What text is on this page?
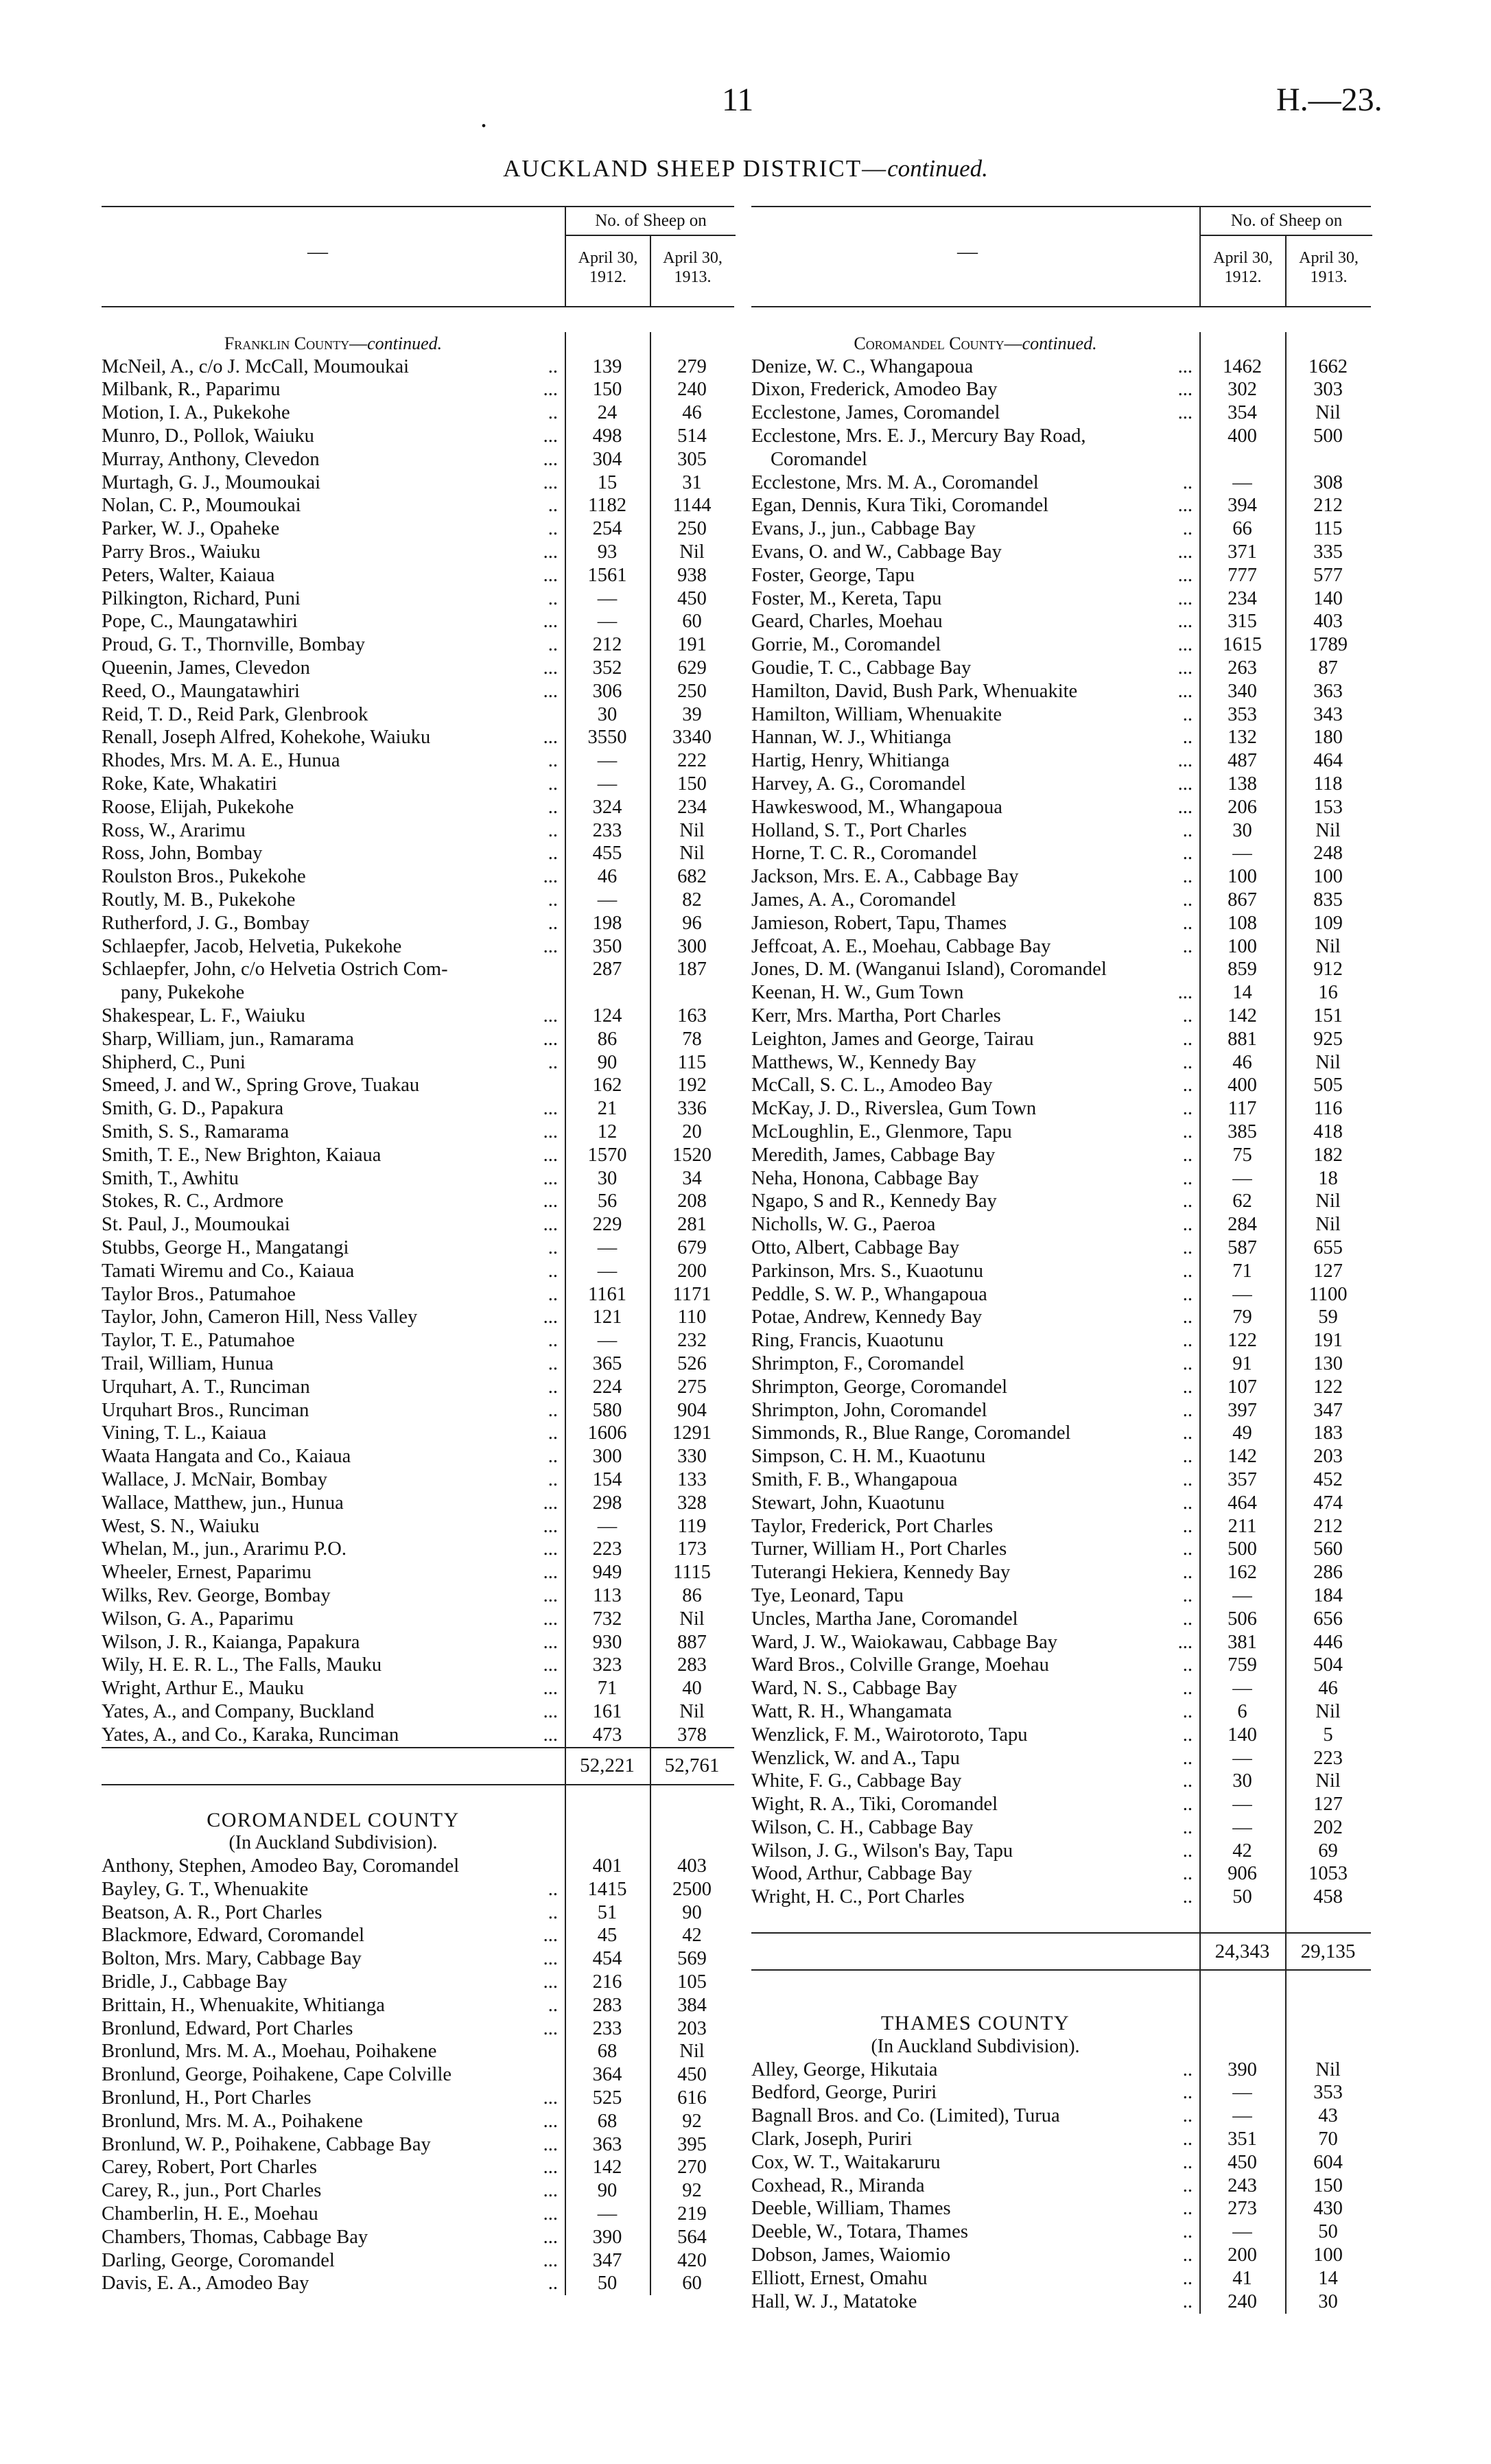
.	11	H.—23.
AUCKLAND SHEEP DISTRICT—continued.
—
No. of Sheep on
April 30, 1912.
April 30, 1913.
Franklin County—continued.
McNeil, A., c/o J. McCall, Moumoukai	..	139	279
Milbank, R., Paparimu	...	150	240
Motion, I. A., Pukekohe	..	24	46
Munro, D., Pollok, Waiuku	...	498	514
Murray, Anthony, Clevedon	...	304	305
Murtagh, G. J., Moumoukai	...	15	31
Nolan, C. P., Moumoukai	..	1182	1144
Parker, W. J., Opaheke	..	254	250
Parry Bros., Waiuku	...	93	Nil
Peters, Walter, Kaiaua	...	1561	938
Pilkington, Richard, Puni	..	—	450
Pope, C., Maungatawhiri	...	—	60
Proud, G. T., Thornville, Bombay	..	212	191
Queenin, James, Clevedon	...	352	629
Reed, O., Maungatawhiri	...	306	250
Reid, T. D., Reid Park, Glenbrook	30	39
Renall, Joseph Alfred, Kohekohe, Waiuku	...	3550	3340
Rhodes, Mrs. M. A. E., Hunua	..	—	222
Roke, Kate, Whakatiri	..	—	150
Roose, Elijah, Pukekohe	..	324	234
Ross, W., Ararimu	..	233	Nil
Ross, John, Bombay	..	455	Nil
Roulston Bros., Pukekohe	...	46	682
Routly, M. B., Pukekohe	..	—	82
Rutherford, J. G., Bombay	..	198	96
Schlaepfer, Jacob, Helvetia, Pukekohe	...	350	300
Schlaepfer, John, c/o Helvetia Ostrich Com-	287	187
pany, Pukekohe
Shakespear, L. F., Waiuku	...	124	163
Sharp, William, jun., Ramarama	...	86	78
Shipherd, C., Puni	..	90	115
Smeed, J. and W., Spring Grove, Tuakau	162	192
Smith, G. D., Papakura	...	21	336
Smith, S. S., Ramarama	...	12	20
Smith, T. E., New Brighton, Kaiaua	...	1570	1520
Smith, T., Awhitu	...	30	34
Stokes, R. C., Ardmore	...	56	208
St. Paul, J., Moumoukai	...	229	281
Stubbs, George H., Mangatangi	..	—	679
Tamati Wiremu and Co., Kaiaua	..	—	200
Taylor Bros., Patumahoe	..	1161	1171
Taylor, John, Cameron Hill, Ness Valley	...	121	110
Taylor, T. E., Patumahoe	..	—	232
Trail, William, Hunua	..	365	526
Urquhart, A. T., Runciman	..	224	275
Urquhart Bros., Runciman	..	580	904
Vining, T. L., Kaiaua	..	1606	1291
Waata Hangata and Co., Kaiaua	..	300	330
Wallace, J. McNair, Bombay	..	154	133
Wallace, Matthew, jun., Hunua	...	298	328
West, S. N., Waiuku	...	—	119
Whelan, M., jun., Ararimu P.O.	...	223	173
Wheeler, Ernest, Paparimu	...	949	1115
Wilks, Rev. George, Bombay	...	113	86
Wilson, G. A., Paparimu	...	732	Nil
Wilson, J. R., Kaianga, Papakura	...	930	887
Wily, H. E. R. L., The Falls, Mauku	...	323	283
Wright, Arthur E., Mauku	...	71	40
Yates, A., and Company, Buckland	...	161	Nil
Yates, A., and Co., Karaka, Runciman	...	473	378
52,221	52,761
COROMANDEL COUNTY
(In Auckland Subdivision).
Anthony, Stephen, Amodeo Bay, Coromandel	401	403
Bayley, G. T., Whenuakite	..	1415	2500
Beatson, A. R., Port Charles	..	51	90
Blackmore, Edward, Coromandel	...	45	42
Bolton, Mrs. Mary, Cabbage Bay	...	454	569
Bridle, J., Cabbage Bay	...	216	105
Brittain, H., Whenuakite, Whitianga	..	283	384
Bronlund, Edward, Port Charles	...	233	203
Bronlund, Mrs. M. A., Moehau, Poihakene	68	Nil
Bronlund, George, Poihakene, Cape Colville	364	450
Bronlund, H., Port Charles	...	525	616
Bronlund, Mrs. M. A., Poihakene	...	68	92
Bronlund, W. P., Poihakene, Cabbage Bay	...	363	395
Carey, Robert, Port Charles	...	142	270
Carey, R., jun., Port Charles	...	90	92
Chamberlin, H. E., Moehau	...	—	219
Chambers, Thomas, Cabbage Bay	...	390	564
Darling, George, Coromandel	...	347	420
Davis, E. A., Amodeo Bay	..	50	60
—
No. of Sheep on
April 30, 1912.
April 30, 1913.
Coromandel County—continued.
Denize, W. C., Whangapoua	...	1462	1662
Dixon, Frederick, Amodeo Bay	...	302	303
Ecclestone, James, Coromandel	...	354	Nil
Ecclestone, Mrs. E. J., Mercury Bay Road,	400	500
Coromandel
Ecclestone, Mrs. M. A., Coromandel	..	—	308
Egan, Dennis, Kura Tiki, Coromandel	...	394	212
Evans, J., jun., Cabbage Bay	..	66	115
Evans, O. and W., Cabbage Bay	...	371	335
Foster, George, Tapu	...	777	577
Foster, M., Kereta, Tapu	...	234	140
Geard, Charles, Moehau	...	315	403
Gorrie, M., Coromandel	...	1615	1789
Goudie, T. C., Cabbage Bay	...	263	87
Hamilton, David, Bush Park, Whenuakite	...	340	363
Hamilton, William, Whenuakite	..	353	343
Hannan, W. J., Whitianga	..	132	180
Hartig, Henry, Whitianga	...	487	464
Harvey, A. G., Coromandel	...	138	118
Hawkeswood, M., Whangapoua	...	206	153
Holland, S. T., Port Charles	..	30	Nil
Horne, T. C. R., Coromandel	..	—	248
Jackson, Mrs. E. A., Cabbage Bay	..	100	100
James, A. A., Coromandel	..	867	835
Jamieson, Robert, Tapu, Thames	..	108	109
Jeffcoat, A. E., Moehau, Cabbage Bay	..	100	Nil
Jones, D. M. (Wanganui Island), Coromandel	859	912
Keenan, H. W., Gum Town	...	14	16
Kerr, Mrs. Martha, Port Charles	..	142	151
Leighton, James and George, Tairau	..	881	925
Matthews, W., Kennedy Bay	..	46	Nil
McCall, S. C. L., Amodeo Bay	..	400	505
McKay, J. D., Riverslea, Gum Town	..	117	116
McLoughlin, E., Glenmore, Tapu	..	385	418
Meredith, James, Cabbage Bay	..	75	182
Neha, Honona, Cabbage Bay	..	—	18
Ngapo, S and R., Kennedy Bay	..	62	Nil
Nicholls, W. G., Paeroa	..	284	Nil
Otto, Albert, Cabbage Bay	..	587	655
Parkinson, Mrs. S., Kuaotunu	..	71	127
Peddle, S. W. P., Whangapoua	..	—	1100
Potae, Andrew, Kennedy Bay	..	79	59
Ring, Francis, Kuaotunu	..	122	191
Shrimpton, F., Coromandel	..	91	130
Shrimpton, George, Coromandel	..	107	122
Shrimpton, John, Coromandel	..	397	347
Simmonds, R., Blue Range, Coromandel	..	49	183
Simpson, C. H. M., Kuaotunu	..	142	203
Smith, F. B., Whangapoua	..	357	452
Stewart, John, Kuaotunu	..	464	474
Taylor, Frederick, Port Charles	..	211	212
Turner, William H., Port Charles	..	500	560
Tuterangi Hekiera, Kennedy Bay	..	162	286
Tye, Leonard, Tapu	..	—	184
Uncles, Martha Jane, Coromandel	..	506	656
Ward, J. W., Waiokawau, Cabbage Bay	...	381	446
Ward Bros., Colville Grange, Moehau	..	759	504
Ward, N. S., Cabbage Bay	..	—	46
Watt, R. H., Whangamata	..	6	Nil
Wenzlick, F. M., Wairotoroto, Tapu	..	140	5
Wenzlick, W. and A., Tapu	..	—	223
White, F. G., Cabbage Bay	..	30	Nil
Wight, R. A., Tiki, Coromandel	..	—	127
Wilson, C. H., Cabbage Bay	..	—	202
Wilson, J. G., Wilson's Bay, Tapu	..	42	69
Wood, Arthur, Cabbage Bay	..	906	1053
Wright, H. C., Port Charles	..	50	458
24,343	29,135
THAMES COUNTY
(In Auckland Subdivision).
Alley, George, Hikutaia	..	390	Nil
Bedford, George, Puriri	..	—	353
Bagnall Bros. and Co. (Limited), Turua	..	—	43
Clark, Joseph, Puriri	..	351	70
Cox, W. T., Waitakaruru	..	450	604
Coxhead, R., Miranda	..	243	150
Deeble, William, Thames	..	273	430
Deeble, W., Totara, Thames	..	—	50
Dobson, James, Waiomio	..	200	100
Elliott, Ernest, Omahu	..	41	14
Hall, W. J., Matatoke	..	240	30
